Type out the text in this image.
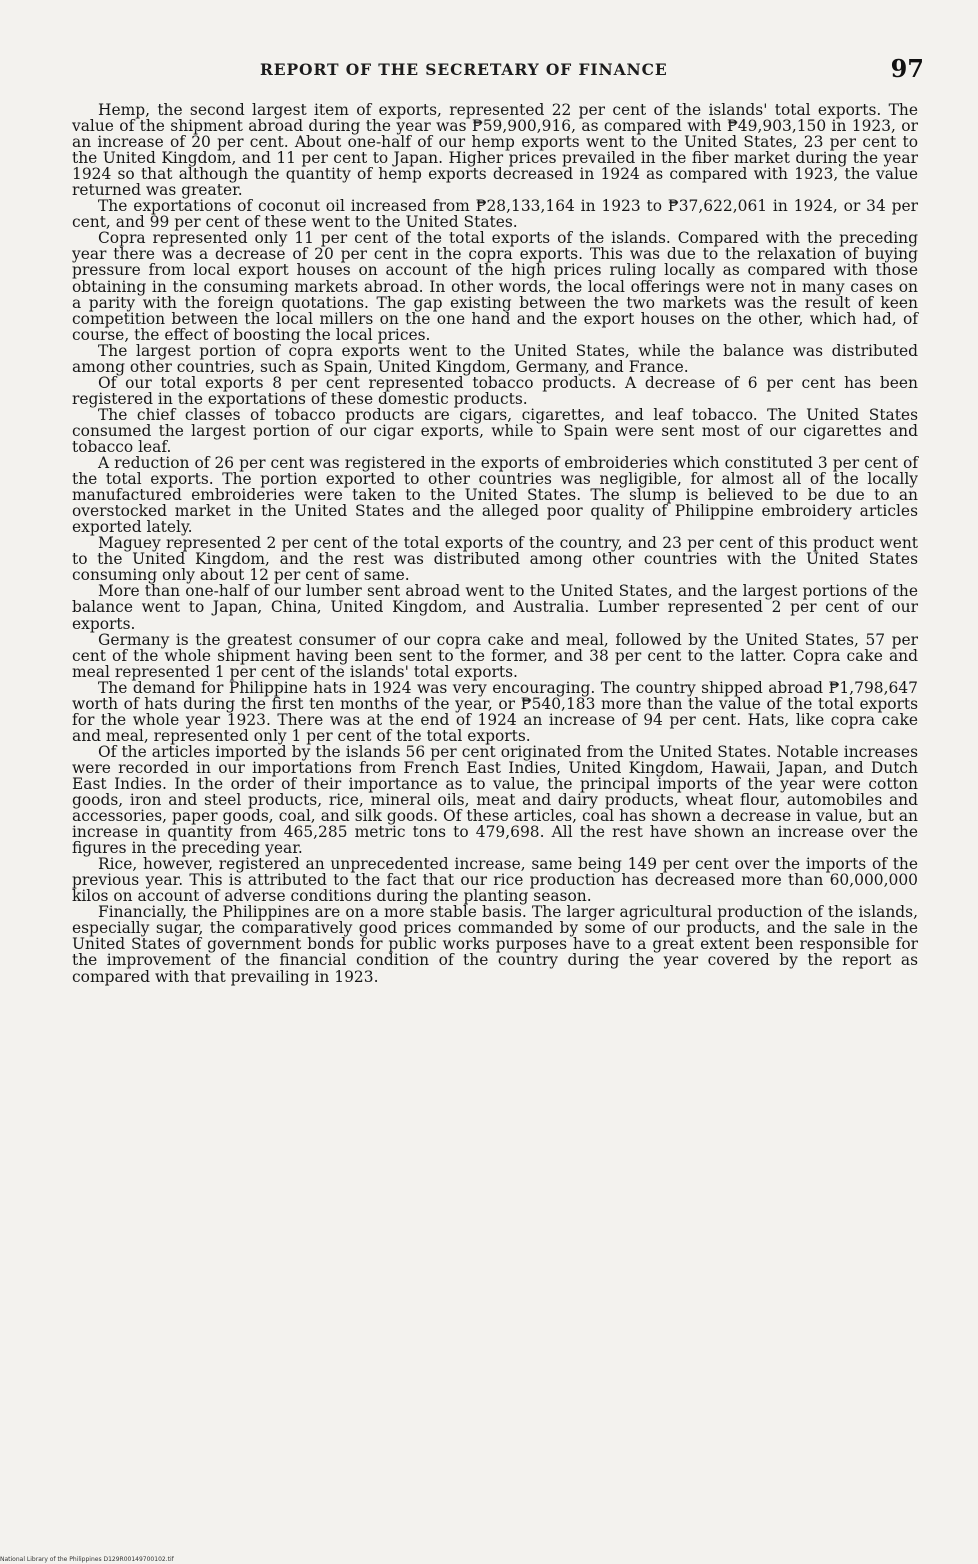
REPORT OF THE SECRETARY OF FINANCE	97

Hemp, the second largest item of exports, represented 22 per cent of the islands' total exports. The value of the shipment abroad during the year was ₱59,900,916, as compared with ₱49,903,150 in 1923, or an increase of 20 per cent. About one-half of our hemp exports went to the United States, 23 per cent to the United Kingdom, and 11 per cent to Japan. Higher prices prevailed in the fiber market during the year 1924 so that although the quantity of hemp exports decreased in 1924 as compared with 1923, the value returned was greater.

The exportations of coconut oil increased from ₱28,133,164 in 1923 to ₱37,622,061 in 1924, or 34 per cent, and 99 per cent of these went to the United States.

Copra represented only 11 per cent of the total exports of the islands. Compared with the preceding year there was a decrease of 20 per cent in the copra exports. This was due to the relaxation of buying pressure from local export houses on account of the high prices ruling locally as compared with those obtaining in the consuming markets abroad. In other words, the local offerings were not in many cases on a parity with the foreign quotations. The gap existing between the two markets was the result of keen competition between the local millers on the one hand and the export houses on the other, which had, of course, the effect of boosting the local prices.

The largest portion of copra exports went to the United States, while the balance was distributed among other countries, such as Spain, United Kingdom, Germany, and France.

Of our total exports 8 per cent represented tobacco products. A decrease of 6 per cent has been registered in the exportations of these domestic products.

The chief classes of tobacco products are cigars, cigarettes, and leaf tobacco. The United States consumed the largest portion of our cigar exports, while to Spain were sent most of our cigarettes and tobacco leaf.

A reduction of 26 per cent was registered in the exports of embroideries which constituted 3 per cent of the total exports. The portion exported to other countries was negligible, for almost all of the locally manufactured embroideries were taken to the United States. The slump is believed to be due to an overstocked market in the United States and the alleged poor quality of Philippine embroidery articles exported lately.

Maguey represented 2 per cent of the total exports of the country, and 23 per cent of this product went to the United Kingdom, and the rest was distributed among other countries with the United States consuming only about 12 per cent of same.

More than one-half of our lumber sent abroad went to the United States, and the largest portions of the balance went to Japan, China, United Kingdom, and Australia. Lumber represented 2 per cent of our exports.

Germany is the greatest consumer of our copra cake and meal, followed by the United States, 57 per cent of the whole shipment having been sent to the former, and 38 per cent to the latter. Copra cake and meal represented 1 per cent of the islands' total exports.

The demand for Philippine hats in 1924 was very encouraging. The country shipped abroad ₱1,798,647 worth of hats during the first ten months of the year, or ₱540,183 more than the value of the total exports for the whole year 1923. There was at the end of 1924 an increase of 94 per cent. Hats, like copra cake and meal, represented only 1 per cent of the total exports.

Of the articles imported by the islands 56 per cent originated from the United States. Notable increases were recorded in our importations from French East Indies, United Kingdom, Hawaii, Japan, and Dutch East Indies. In the order of their importance as to value, the principal imports of the year were cotton goods, iron and steel products, rice, mineral oils, meat and dairy products, wheat flour, automobiles and accessories, paper goods, coal, and silk goods. Of these articles, coal has shown a decrease in value, but an increase in quantity from 465,285 metric tons to 479,698. All the rest have shown an increase over the figures in the preceding year.

Rice, however, registered an unprecedented increase, same being 149 per cent over the imports of the previous year. This is attributed to the fact that our rice production has decreased more than 60,000,000 kilos on account of adverse conditions during the planting season.

Financially, the Philippines are on a more stable basis. The larger agricultural production of the islands, especially sugar, the comparatively good prices commanded by some of our products, and the sale in the United States of government bonds for public works purposes have to a great extent been responsible for the improvement of the financial condition of the country during the year covered by the report as compared with that prevailing in 1923.

National Library of the Philippines D129R00149700102.tif
